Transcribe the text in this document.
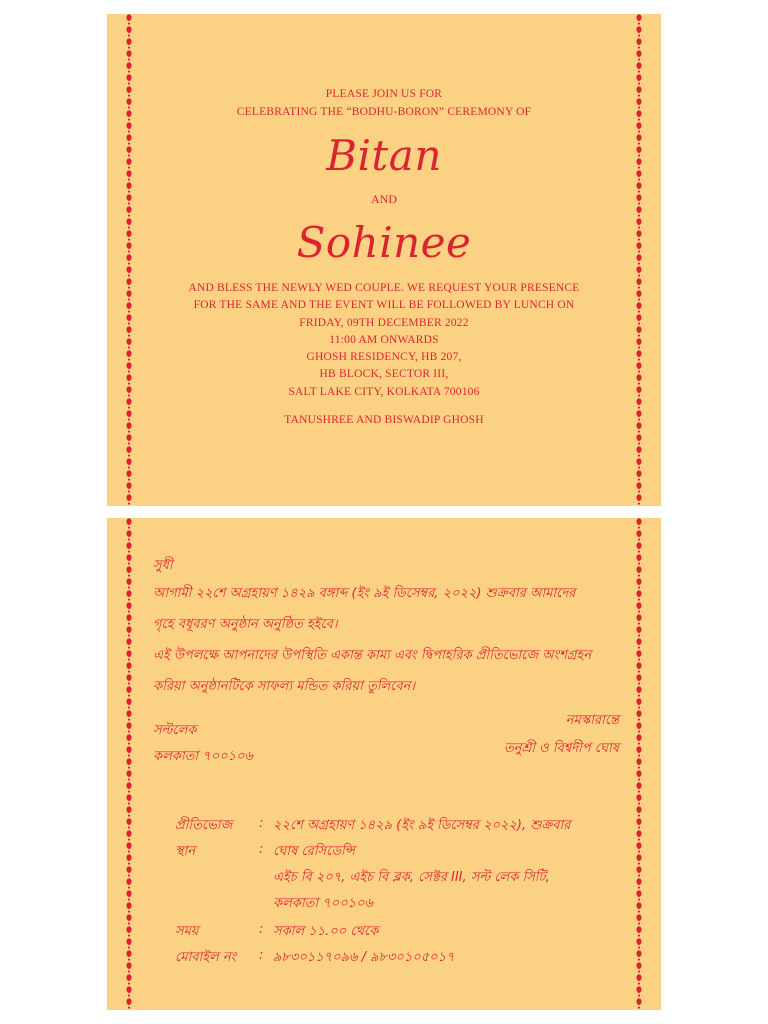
PLEASE JOIN US FOR
CELEBRATING THE “BODHU-BORON” CEREMONY OF
Bitan
AND
Sohinee
AND BLESS THE NEWLY WED COUPLE. WE REQUEST YOUR PRESENCE
FOR THE SAME AND THE EVENT WILL BE FOLLOWED BY LUNCH ON
FRIDAY, 09TH DECEMBER 2022
11:00 AM ONWARDS
GHOSH RESIDENCY, HB 207,
HB BLOCK, SECTOR III,
SALT LAKE CITY, KOLKATA 700106
TANUSHREE AND BISWADIP GHOSH
সুধী

আগামী ২২শে অগ্রহায়ণ ১৪২৯ বঙ্গাব্দ (ইং ৯ই ডিসেম্বর, ২০২২) শুক্রবার আমাদের

গৃহে বধূবরণ অনুষ্ঠান অনুষ্ঠিত হইবে।

এই উপলক্ষে আপনাদের উপস্থিতি একান্ত কাম্য এবং দ্বিপাহরিক প্রীতিভোজে অংশগ্রহন

করিয়া অনুষ্ঠানটিকে সাফল্য মন্ডিত করিয়া তুলিবেন।

সল্টলেক
কলকাতা ৭০০১০৬
নমস্কারান্তে
তনুশ্রী ও বিশ্বদীপ ঘোষ
প্রীতিভোজ : ২২শে অগ্রহায়ণ ১৪২৯ (ইং ৯ই ডিসেম্বর ২০২২), শুক্রবার
স্থান	: ঘোষ রেসিডেন্সি
এইচ বি ২০৭, এইচ বি ব্লক, সেক্টর III, সল্ট লেক সিটি,
কলকাতা ৭০০১০৬
সময়	: সকাল ১১.০০ থেকে
মোবাইল নং : ৯৮৩০১১৭০৯৬ / ৯৮৩০১০৫০১৭
